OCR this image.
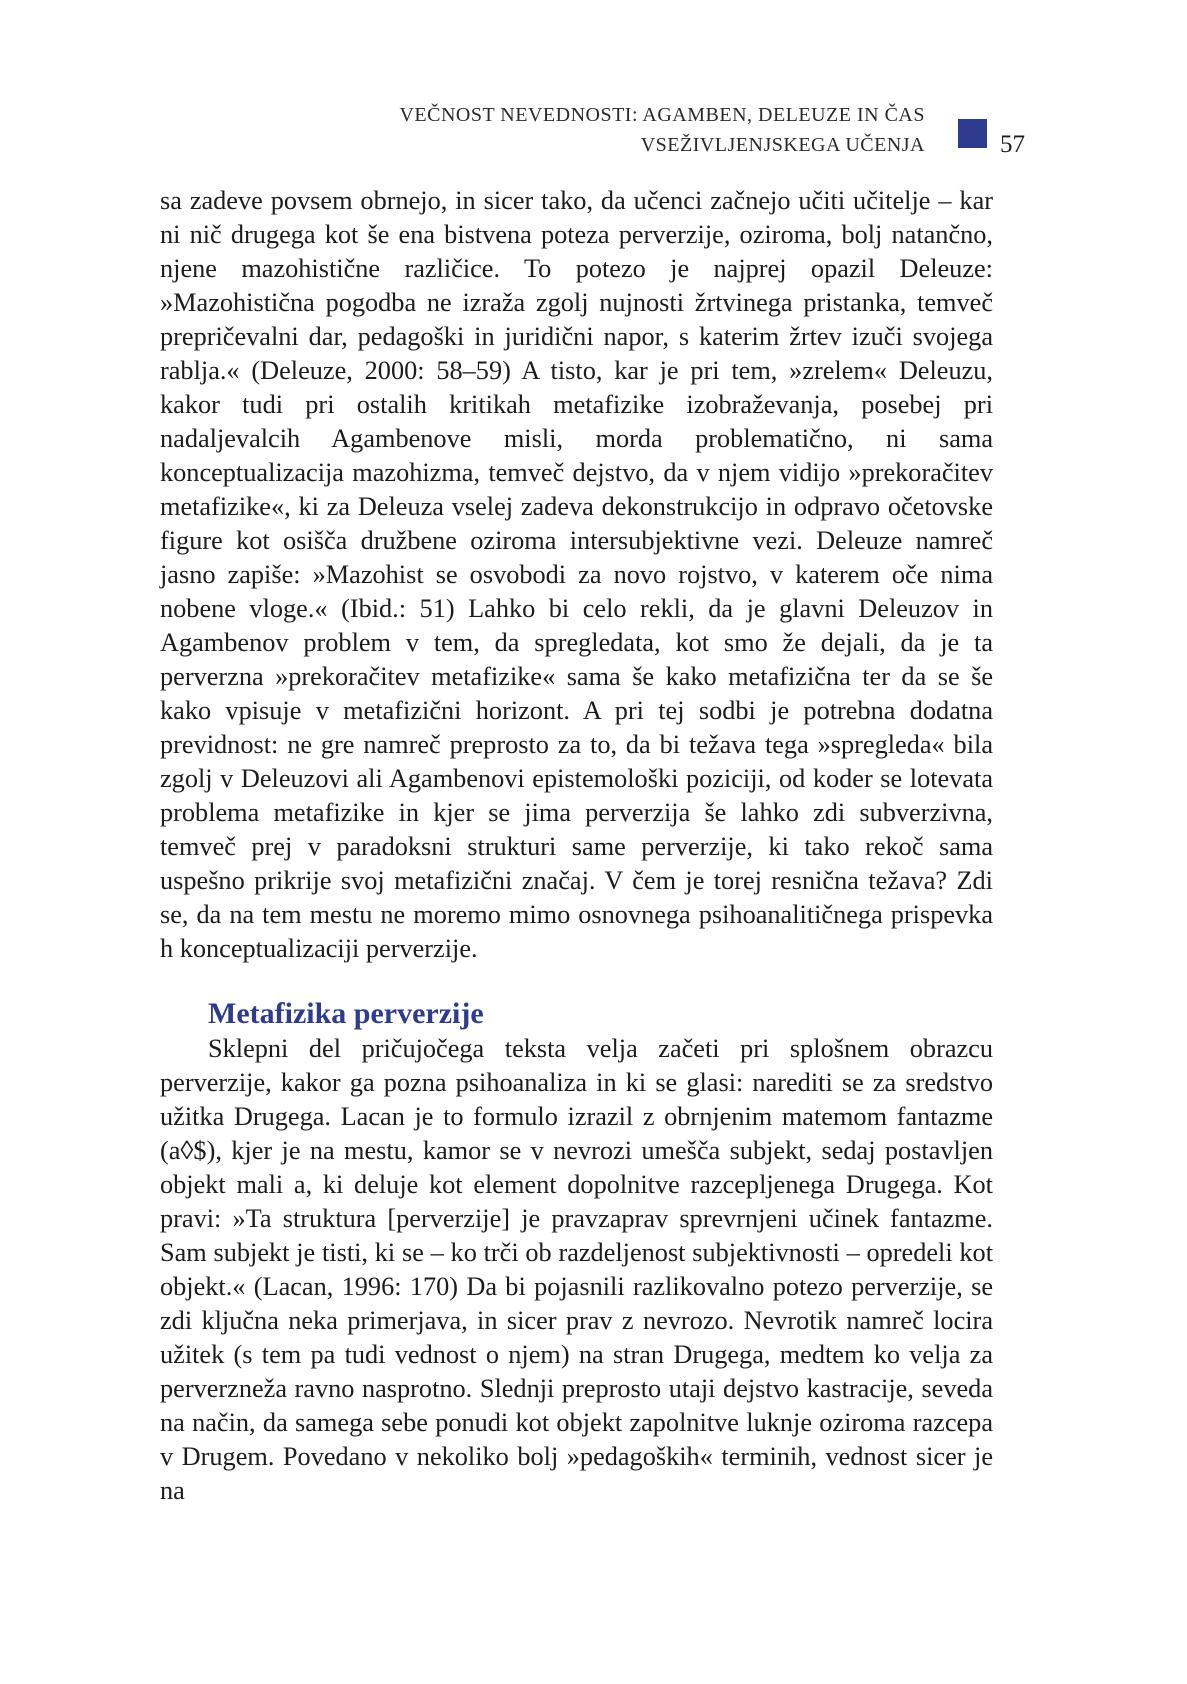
VEČNOST NEVEDNOSTI: AGAMBEN, DELEUZE IN ČAS
VSEŽIVLJENJSKEGA UČENJA	57

sa zadeve povsem obrnejo, in sicer tako, da učenci začnejo učiti učitelje – kar ni nič drugega kot še ena bistvena poteza perverzije, oziroma, bolj natančno, njene mazohistične različice. To potezo je najprej opazil Deleuze: »Mazohistična pogodba ne izraža zgolj nujnosti žrtvinega pristanka, temveč prepričevalni dar, pedagoški in juridični napor, s katerim žrtev izuči svojega rablja.« (Deleuze, 2000: 58–59) A tisto, kar je pri tem, »zrelem« Deleuzu, kakor tudi pri ostalih kritikah metafizike izobraževanja, posebej pri nadaljevalcih Agambenove misli, morda problematično, ni sama konceptualizacija mazohizma, temveč dejstvo, da v njem vidijo »prekoračitev metafizike«, ki za Deleuza vselej zadeva dekonstrukcijo in odpravo očetovske figure kot osišča družbene oziroma intersubjektivne vezi. Deleuze namreč jasno zapiše: »Mazohist se osvobodi za novo rojstvo, v katerem oče nima nobene vloge.« (Ibid.: 51) Lahko bi celo rekli, da je glavni Deleuzov in Agambenov problem v tem, da spregledata, kot smo že dejali, da je ta perverzna »prekoračitev metafizike« sama še kako metafizična ter da se še kako vpisuje v metafizični horizont. A pri tej sodbi je potrebna dodatna previdnost: ne gre namreč preprosto za to, da bi težava tega »spregleda« bila zgolj v Deleuzovi ali Agambenovi epistemološki poziciji, od koder se lotevata problema metafizike in kjer se jima perverzija še lahko zdi subverzivna, temveč prej v paradoksni strukturi same perverzije, ki tako rekoč sama uspešno prikrije svoj metafizični značaj. V čem je torej resnična težava? Zdi se, da na tem mestu ne moremo mimo osnovnega psihoanalitičnega prispevka h konceptualizaciji perverzije.

Metafizika perverzije

Sklepni del pričujočega teksta velja začeti pri splošnem obrazcu perverzije, kakor ga pozna psihoanaliza in ki se glasi: narediti se za sredstvo užitka Drugega. Lacan je to formulo izrazil z obrnjenim matemom fantazme (a◊$), kjer je na mestu, kamor se v nevrozi umešča subjekt, sedaj postavljen objekt mali a, ki deluje kot element dopolnitve razcepljenega Drugega. Kot pravi: »Ta struktura [perverzije] je pravzaprav sprevrnjeni učinek fantazme. Sam subjekt je tisti, ki se – ko trči ob razdeljenost subjektivnosti – opredeli kot objekt.« (Lacan, 1996: 170) Da bi pojasnili razlikovalno potezo perverzije, se zdi ključna neka primerjava, in sicer prav z nevrozo. Nevrotik namreč locira užitek (s tem pa tudi vednost o njem) na stran Drugega, medtem ko velja za perverzneža ravno nasprotno. Slednji preprosto utaji dejstvo kastracije, seveda na način, da samega sebe ponudi kot objekt zapolnitve luknje oziroma razcepa v Drugem. Povedano v nekoliko bolj »pedagoških« terminih, vednost sicer je na
